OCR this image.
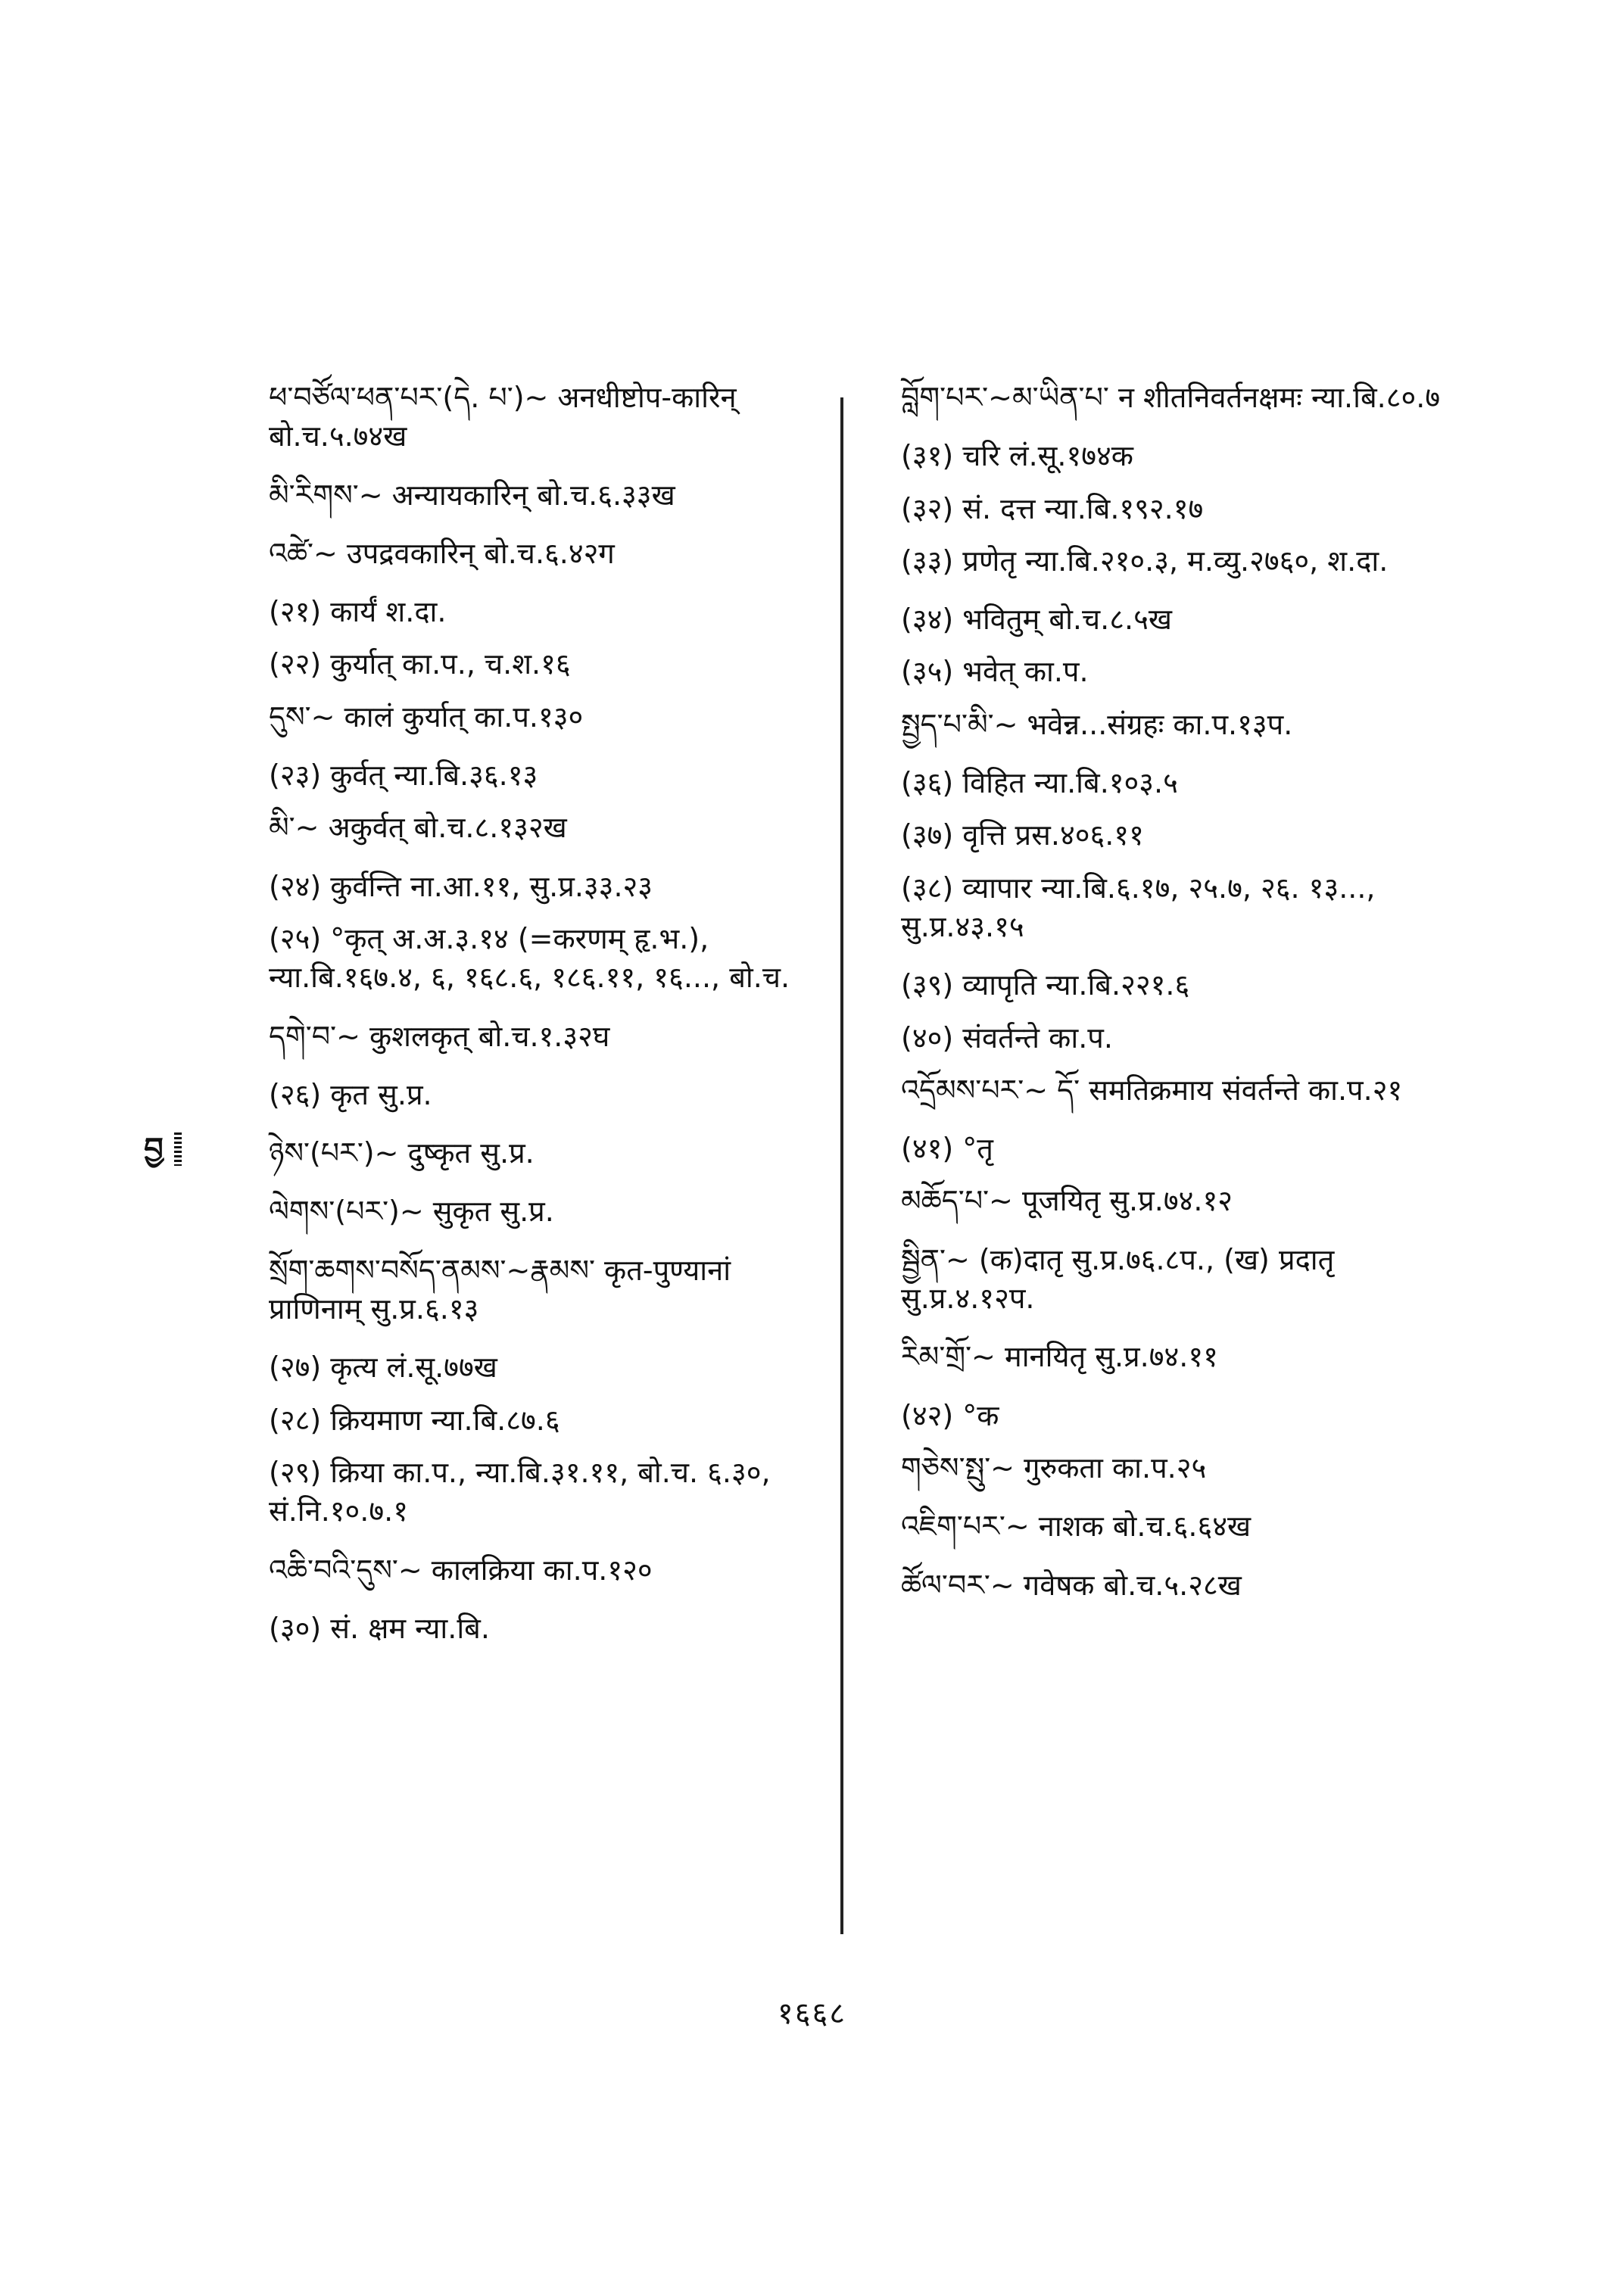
བྱ

ཕ་བཙོལ་ཕན་པར་(དེ. པ་)~ अनधीष्टोप-कारिन् बो.च.५.७४ख

མི་རིགས་~ अन्यायकारिन् बो.च.६.३३ख

འཚེ་~ उपद्रवकारिन् बो.च.६.४२ग

(२१) कार्यं श.दा.

(२२) कुर्यात् का.प., च.श.१६

དུས་~ कालं कुर्यात् का.प.१३०

(२३) कुर्वत् न्या.बि.३६.१३

མི་~ अकुर्वत् बो.च.८.१३२ख

(२४) कुर्वन्ति ना.आ.११, सु.प्र.३३.२३

(२५) °कृत् अ.अ.३.१४ (=करणम् हृ.भ.), न्या.बि.१६७.४, ६, १६८.६, १८६.११, १६..., बो.च.

དགེ་བ་~ कुशलकृत् बो.च.१.३२घ

(२६) कृत सु.प्र.

ཉེས་(པར་)~ दुष्कृत सु.प्र.

ལེགས་(པར་)~ सुकृत सु.प्र.

སྲོག་ཆགས་བསོད་ནམས་~རྣམས་ कृत-पुण्यानां प्राणिनाम् सु.प्र.६.१३

(२७) कृत्य लं.सू.७७ख

(२८) क्रियमाण न्या.बि.८७.६

(२९) क्रिया का.प., न्या.बि.३१.११, बो.च. ६.३०, सं.नि.१०.७.१

འཆི་བའི་དུས་~ कालक्रिया का.प.१२०

(३०) सं. क्षम न्या.बि.

བློག་པར་~མ་ཡིན་པ་ न शीतनिवर्तनक्षमः न्या.बि.८०.७

(३१) चरि लं.सू.१७४क

(३२) सं. दत्त न्या.बि.१९२.१७

(३३) प्रणेतृ न्या.बि.२१०.३, म.व्यु.२७६०, श.दा.

(३४) भवितुम् बो.च.८.५ख

(३५) भवेत् का.प.

སྤྱད་པ་མི་~ भवेन्न...संग्रहः का.प.१३प.

(३६) विहित न्या.बि.१०३.५

(३७) वृत्ति प्रस.४०६.११

(३८) व्यापार न्या.बि.६.१७, २५.७, २६. १३..., सु.प्र.४३.१५

(३९) व्यापृति न्या.बि.२२१.६

(४०) संवर्तन्ते का.प.

འདྲོམས་པར་~ དོ་ समतिक्रमाय संवर्तन्ते का.प.२१

(४१) °तृ

མཆོད་པ་~ पूजयितृ सु.प्र.७४.१२

སྦྱིན་~ (क)दातृ सु.प्र.७६.८प., (ख) प्रदातृ सु.प्र.४.१२प.

རིམ་གྲོ་~ मानयितृ सु.प्र.७४.११

(४२) °क

གཅེས་སྤུ་~ गुरुकता का.प.२५

འཇིག་པར་~ नाशक बो.च.६.६४ख

ཚོལ་བར་~ गवेषक बो.च.५.२८ख

१६६८
